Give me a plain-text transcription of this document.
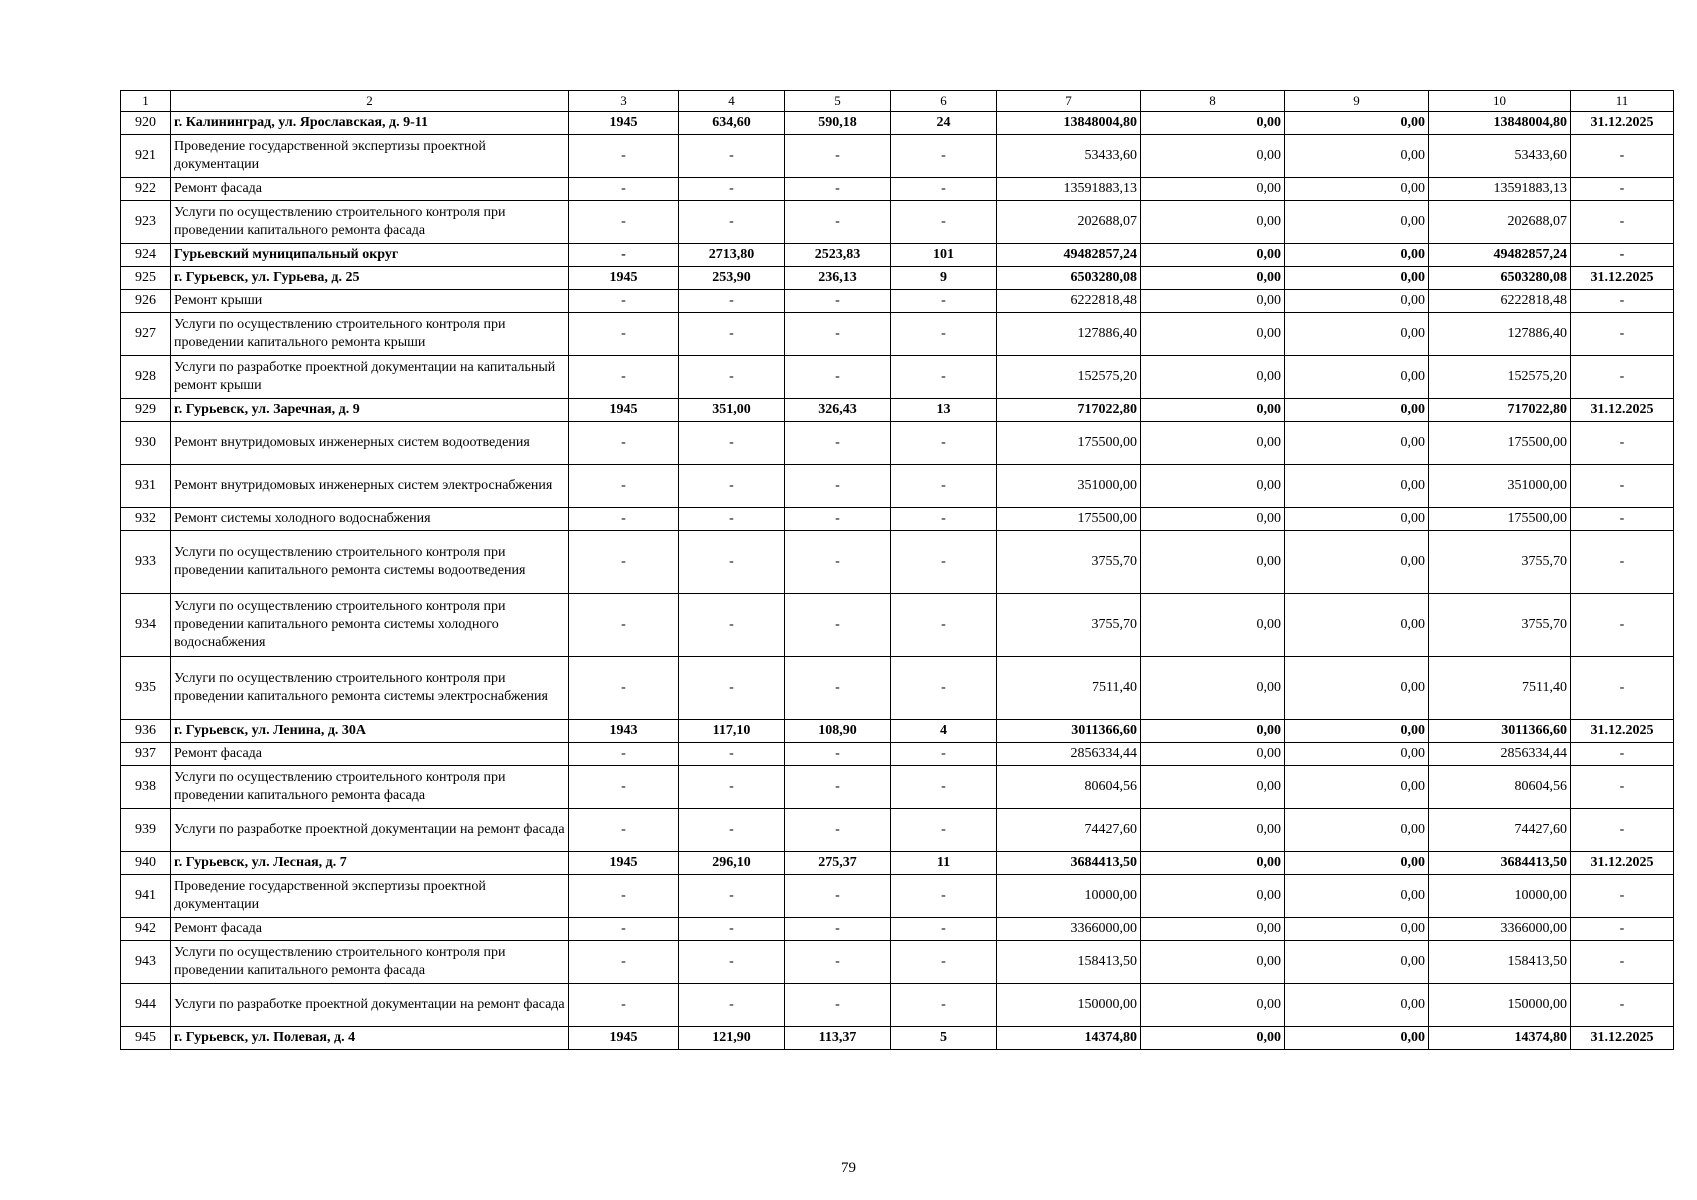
1	2	3	4	5	6	7	8	9	10	11
920	г. Калининград, ул. Ярославская, д. 9-11	1945	634,60	590,18	24	13848004,80	0,00	0,00	13848004,80	31.12.2025
921	Проведение государственной экспертизы проектной документации	-	-	-	-	53433,60	0,00	0,00	53433,60	-
922	Ремонт фасада	-	-	-	-	13591883,13	0,00	0,00	13591883,13	-
923	Услуги по осуществлению строительного контроля при проведении капитального ремонта фасада	-	-	-	-	202688,07	0,00	0,00	202688,07	-
924	Гурьевский муниципальный округ	-	2713,80	2523,83	101	49482857,24	0,00	0,00	49482857,24	-
925	г. Гурьевск, ул. Гурьева, д. 25	1945	253,90	236,13	9	6503280,08	0,00	0,00	6503280,08	31.12.2025
926	Ремонт крыши	-	-	-	-	6222818,48	0,00	0,00	6222818,48	-
927	Услуги по осуществлению строительного контроля при проведении капитального ремонта крыши	-	-	-	-	127886,40	0,00	0,00	127886,40	-
928	Услуги по разработке проектной документации на капитальный ремонт крыши	-	-	-	-	152575,20	0,00	0,00	152575,20	-
929	г. Гурьевск, ул. Заречная, д. 9	1945	351,00	326,43	13	717022,80	0,00	0,00	717022,80	31.12.2025
930	Ремонт внутридомовых инженерных систем водоотведения	-	-	-	-	175500,00	0,00	0,00	175500,00	-
931	Ремонт внутридомовых инженерных систем электроснабжения	-	-	-	-	351000,00	0,00	0,00	351000,00	-
932	Ремонт системы холодного водоснабжения	-	-	-	-	175500,00	0,00	0,00	175500,00	-
933	Услуги по осуществлению строительного контроля при проведении капитального ремонта системы водоотведения	-	-	-	-	3755,70	0,00	0,00	3755,70	-
934	Услуги по осуществлению строительного контроля при проведении капитального ремонта системы холодного водоснабжения	-	-	-	-	3755,70	0,00	0,00	3755,70	-
935	Услуги по осуществлению строительного контроля при проведении капитального ремонта системы электроснабжения	-	-	-	-	7511,40	0,00	0,00	7511,40	-
936	г. Гурьевск, ул. Ленина, д. 30А	1943	117,10	108,90	4	3011366,60	0,00	0,00	3011366,60	31.12.2025
937	Ремонт фасада	-	-	-	-	2856334,44	0,00	0,00	2856334,44	-
938	Услуги по осуществлению строительного контроля при проведении капитального ремонта фасада	-	-	-	-	80604,56	0,00	0,00	80604,56	-
939	Услуги по разработке проектной документации на ремонт фасада	-	-	-	-	74427,60	0,00	0,00	74427,60	-
940	г. Гурьевск, ул. Лесная, д. 7	1945	296,10	275,37	11	3684413,50	0,00	0,00	3684413,50	31.12.2025
941	Проведение государственной экспертизы проектной документации	-	-	-	-	10000,00	0,00	0,00	10000,00	-
942	Ремонт фасада	-	-	-	-	3366000,00	0,00	0,00	3366000,00	-
943	Услуги по осуществлению строительного контроля при проведении капитального ремонта фасада	-	-	-	-	158413,50	0,00	0,00	158413,50	-
944	Услуги по разработке проектной документации на ремонт фасада	-	-	-	-	150000,00	0,00	0,00	150000,00	-
945	г. Гурьевск, ул. Полевая, д. 4	1945	121,90	113,37	5	14374,80	0,00	0,00	14374,80	31.12.2025
79
